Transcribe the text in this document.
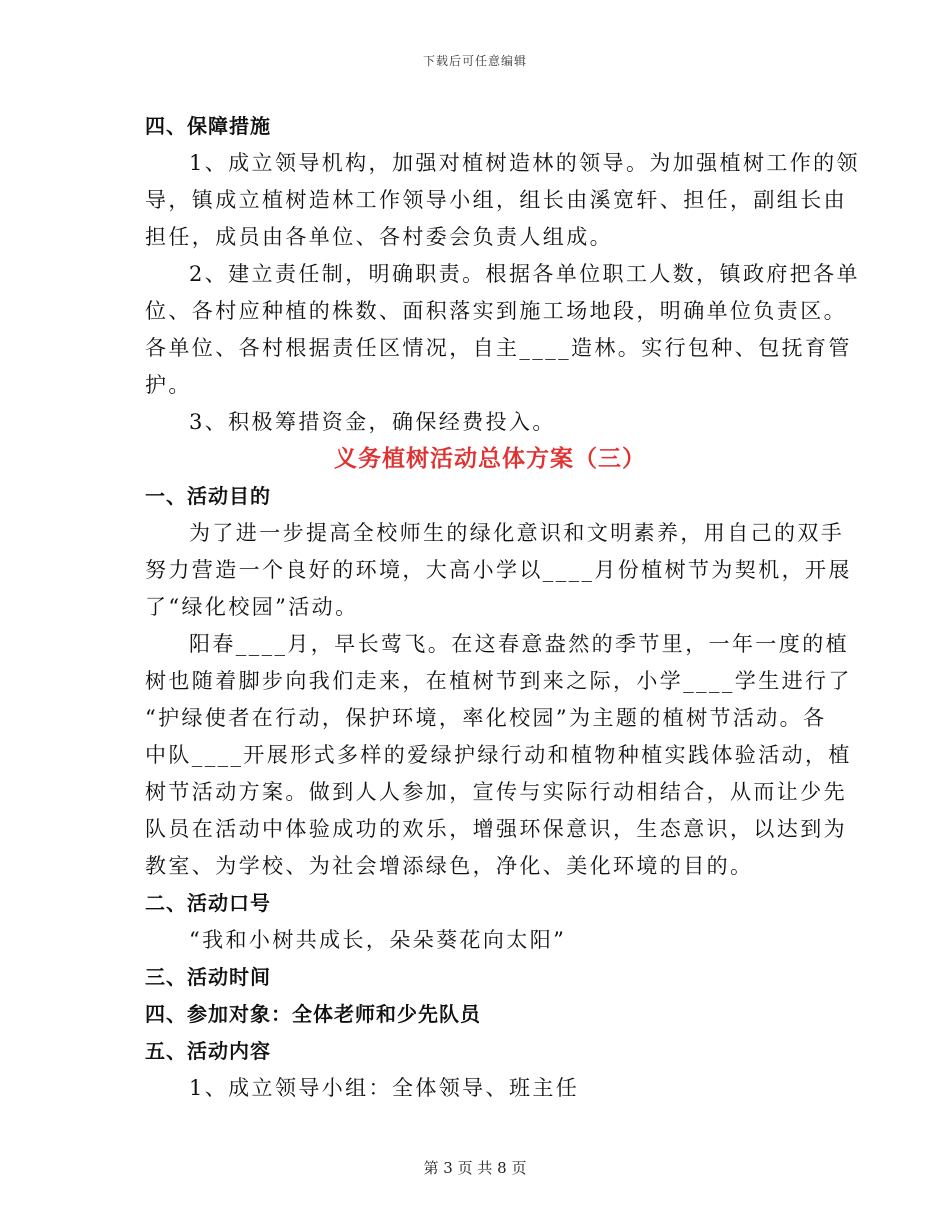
下载后可任意编辑

四、保障措施

1、成立领导机构，加强对植树造林的领导。为加强植树工作的领

导，镇成立植树造林工作领导小组，组长由溪宽轩、担任，副组长由

担任，成员由各单位、各村委会负责人组成。

2、建立责任制，明确职责。根据各单位职工人数，镇政府把各单

位、各村应种植的株数、面积落实到施工场地段，明确单位负责区。

各单位、各村根据责任区情况，自主____造林。实行包种、包抚育管

护。

3、积极筹措资金，确保经费投入。

义务植树活动总体方案（三）

一、活动目的

为了进一步提高全校师生的绿化意识和文明素养，用自己的双手

努力营造一个良好的环境，大高小学以____月份植树节为契机，开展

了“绿化校园”活动。

阳春____月，早长莺飞。在这春意盎然的季节里，一年一度的植

树也随着脚步向我们走来，在植树节到来之际，小学____学生进行了

“护绿使者在行动，保护环境，率化校园”为主题的植树节活动。各

中队____开展形式多样的爱绿护绿行动和植物种植实践体验活动，植

树节活动方案。做到人人参加，宣传与实际行动相结合，从而让少先

队员在活动中体验成功的欢乐，增强环保意识，生态意识，以达到为

教室、为学校、为社会增添绿色，净化、美化环境的目的。

二、活动口号

“我和小树共成长，朵朵葵花向太阳”

三、活动时间

四、参加对象：全体老师和少先队员

五、活动内容

1、成立领导小组：全体领导、班主任

第 3 页 共 8 页
